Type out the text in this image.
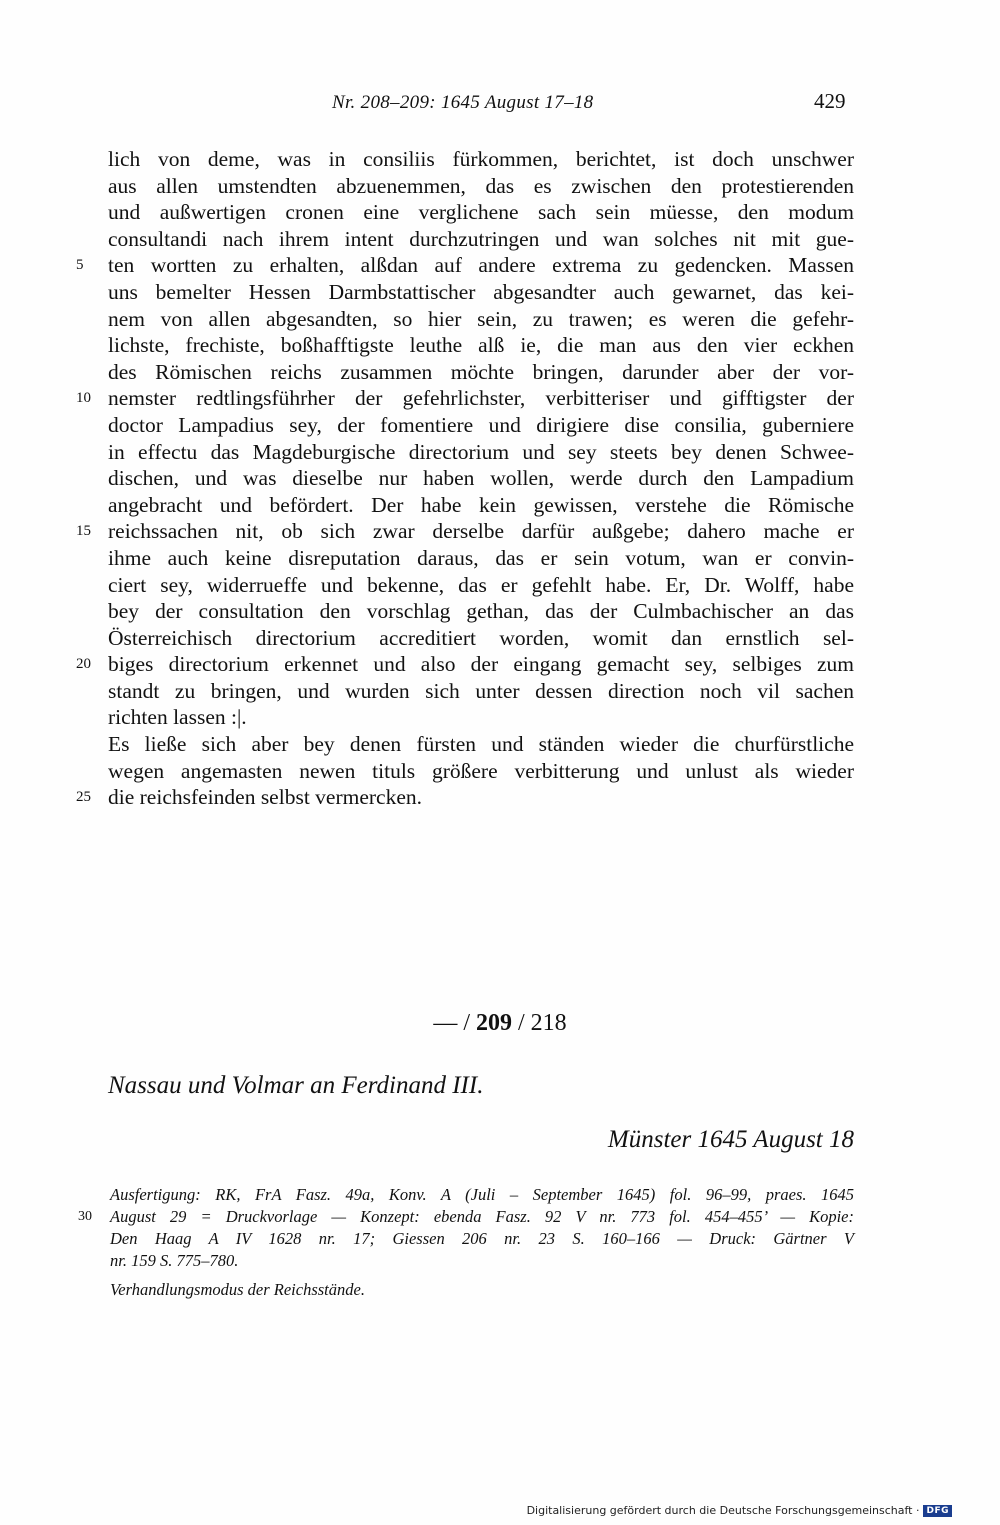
Nr. 208–209: 1645 August 17–18	429
lich von deme, was in consiliis fürkommen, berichtet, ist doch unschwer
aus allen umstendten abzuenemmen, das es zwischen den protestierenden
und außwertigen cronen eine verglichene sach sein müesse, den modum
consultandi nach ihrem intent durchzutringen und wan solches nit mit gue-
5	ten wortten zu erhalten, alßdan auf andere extrema zu gedencken. Massen
uns bemelter Hessen Darmbstattischer abgesandter auch gewarnet, das kei-
nem von allen abgesandten, so hier sein, zu trawen; es weren die gefehr-
lichste, frechiste, boßhafftigste leuthe alß ie, die man aus den vier eckhen
des Römischen reichs zusammen möchte bringen, darunder aber der vor-
10 nemster redtlingsführher der gefehrlichster, verbitteriser und gifftigster der
doctor Lampadius sey, der fomentiere und dirigiere dise consilia, guberniere
in effectu das Magdeburgische directorium und sey steets bey denen Schwee-
dischen, und was dieselbe nur haben wollen, werde durch den Lampadium
angebracht und befördert. Der habe kein gewissen, verstehe die Römische
15 reichssachen nit, ob sich zwar derselbe darfür außgebe; dahero mache er
ihme auch keine disreputation daraus, das er sein votum, wan er convin-
ciert sey, widerrueffe und bekenne, das er gefehlt habe. Er, Dr. Wolff, habe
bey der consultation den vorschlag gethan, das der Culmbachischer an das
Österreichisch directorium accreditiert worden, womit dan ernstlich sel-
20 biges directorium erkennet und also der eingang gemacht sey, selbiges zum
standt zu bringen, und wurden sich unter dessen direction noch vil sachen
richten lassen :|.
Es ließe sich aber bey denen fürsten und ständen wieder die churfürstliche
wegen angemasten newen tituls größere verbitterung und unlust als wieder
25 die reichsfeinden selbst vermercken.
— / 209 / 218
Nassau und Volmar an Ferdinand III.
Münster 1645 August 18
Ausfertigung: RK, FrA Fasz. 49a, Konv. A (Juli – September 1645) fol. 96–99, praes. 1645
30	August 29 = Druckvorlage — Konzept: ebenda Fasz. 92 V nr. 773 fol. 454–455’ — Kopie:
Den Haag A IV 1628 nr. 17; Giessen 206 nr. 23 S. 160–166 — Druck: Gärtner V
nr. 159 S. 775–780.
Verhandlungsmodus der Reichsstände.
Digitalisierung gefördert durch die Deutsche Forschungsgemeinschaft · DFG
